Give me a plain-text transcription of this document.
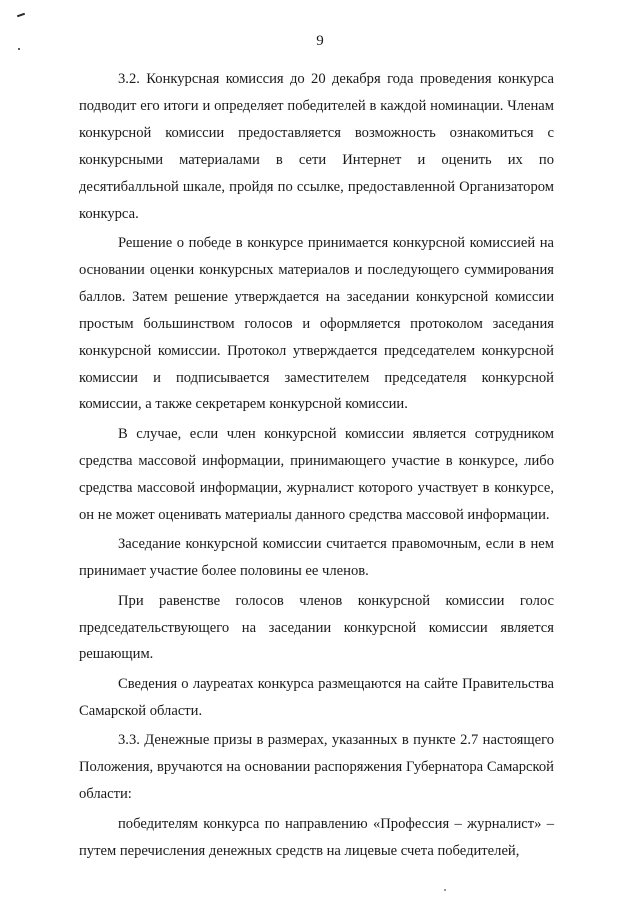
9

3.2. Конкурсная комиссия до 20 декабря года проведения конкурса подводит его итоги и определяет победителей в каждой номинации. Членам конкурсной комиссии предоставляется возможность ознакомиться с конкурсными материалами в сети Интернет и оценить их по десятибалльной шкале, пройдя по ссылке, предоставленной Организатором конкурса.

Решение о победе в конкурсе принимается конкурсной комиссией на основании оценки конкурсных материалов и последующего суммирования баллов. Затем решение утверждается на заседании конкурсной комиссии простым большинством голосов и оформляется протоколом заседания конкурсной комиссии. Протокол утверждается председателем конкурсной комиссии и подписывается заместителем председателя конкурсной комиссии, а также секретарем конкурсной комиссии.

В случае, если член конкурсной комиссии является сотрудником средства массовой информации, принимающего участие в конкурсе, либо средства массовой информации, журналист которого участвует в конкурсе, он не может оценивать материалы данного средства массовой информации.

Заседание конкурсной комиссии считается правомочным, если в нем принимает участие более половины ее членов.

При равенстве голосов членов конкурсной комиссии голос председательствующего на заседании конкурсной комиссии является решающим.

Сведения о лауреатах конкурса размещаются на сайте Правительства Самарской области.

3.3. Денежные призы в размерах, указанных в пункте 2.7 настоящего Положения, вручаются на основании распоряжения Губернатора Самарской области:

победителям конкурса по направлению «Профессия – журналист» – путем перечисления денежных средств на лицевые счета победителей,
